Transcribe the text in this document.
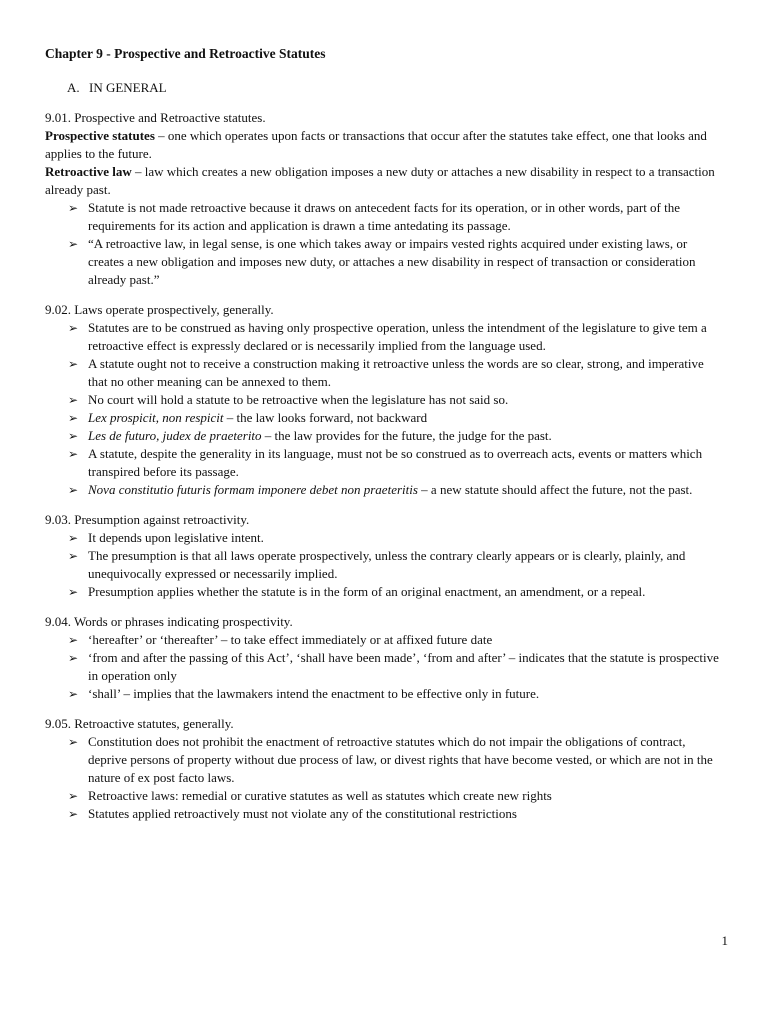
Chapter 9 - Prospective and Retroactive Statutes
A. IN GENERAL
9.01. Prospective and Retroactive statutes.
Prospective statutes – one which operates upon facts or transactions that occur after the statutes take effect, one that looks and applies to the future.
Retroactive law – law which creates a new obligation imposes a new duty or attaches a new disability in respect to a transaction already past.
➢ Statute is not made retroactive because it draws on antecedent facts for its operation, or in other words, part of the requirements for its action and application is drawn a time antedating its passage.
➢ “A retroactive law, in legal sense, is one which takes away or impairs vested rights acquired under existing laws, or creates a new obligation and imposes new duty, or attaches a new disability in respect of transaction or consideration already past.”
9.02. Laws operate prospectively, generally.
➢ Statutes are to be construed as having only prospective operation, unless the intendment of the legislature to give tem a retroactive effect is expressly declared or is necessarily implied from the language used.
➢ A statute ought not to receive a construction making it retroactive unless the words are so clear, strong, and imperative that no other meaning can be annexed to them.
➢ No court will hold a statute to be retroactive when the legislature has not said so.
➢ Lex prospicit, non respicit – the law looks forward, not backward
➢ Les de futuro, judex de praeterito – the law provides for the future, the judge for the past.
➢ A statute, despite the generality in its language, must not be so construed as to overreach acts, events or matters which transpired before its passage.
➢ Nova constitutio futuris formam imponere debet non praeteritis – a new statute should affect the future, not the past.
9.03. Presumption against retroactivity.
➢ It depends upon legislative intent.
➢ The presumption is that all laws operate prospectively, unless the contrary clearly appears or is clearly, plainly, and unequivocally expressed or necessarily implied.
➢ Presumption applies whether the statute is in the form of an original enactment, an amendment, or a repeal.
9.04. Words or phrases indicating prospectivity.
➢ ‘hereafter’ or ‘thereafter’ – to take effect immediately or at affixed future date
➢ ‘from and after the passing of this Act’, ‘shall have been made’, ‘from and after’ – indicates that the statute is prospective in operation only
➢ ‘shall’ – implies that the lawmakers intend the enactment to be effective only in future.
9.05. Retroactive statutes, generally.
➢ Constitution does not prohibit the enactment of retroactive statutes which do not impair the obligations of contract, deprive persons of property without due process of law, or divest rights that have become vested, or which are not in the nature of ex post facto laws.
➢ Retroactive laws: remedial or curative statutes as well as statutes which create new rights
➢ Statutes applied retroactively must not violate any of the constitutional restrictions
1
